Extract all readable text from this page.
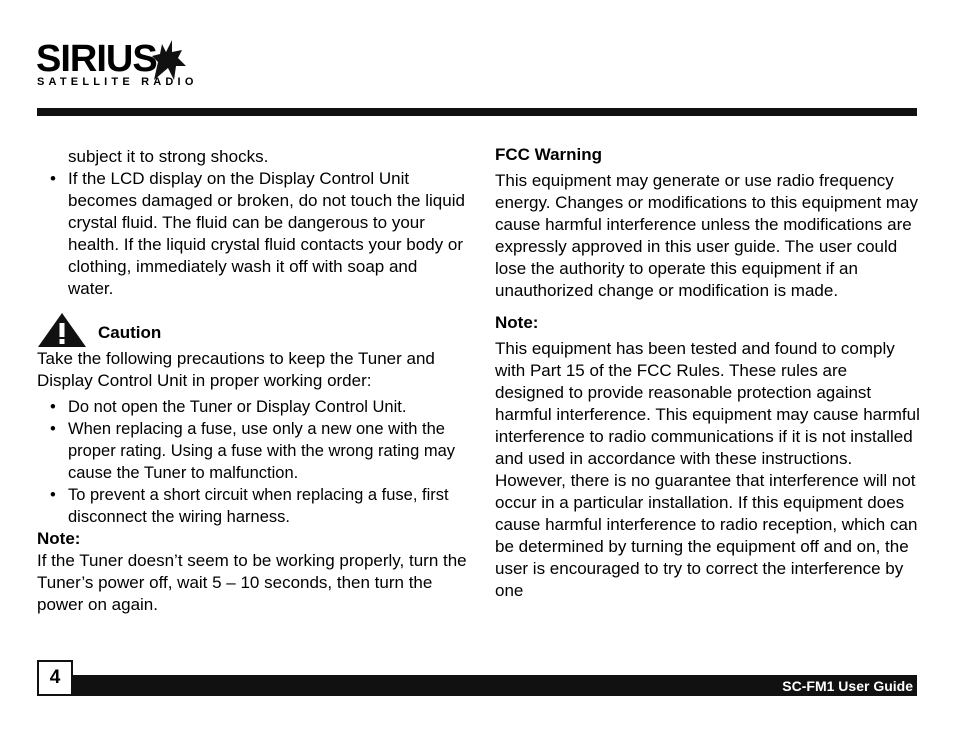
SIRIUS
SATELLITE RADIO

subject it to strong shocks.

• If the LCD display on the Display Control Unit becomes damaged or broken, do not touch the liquid crystal fluid. The fluid can be dangerous to your health. If the liquid crystal fluid contacts your body or clothing, immediately wash it off with soap and water.
Caution

Take the following precautions to keep the Tuner and Display Control Unit in proper working order:

• Do not open the Tuner or Display Control Unit.
• When replacing a fuse, use only a new one with the proper rating. Using a fuse with the wrong rating may cause the Tuner to malfunction.
• To prevent a short circuit when replacing a fuse, first disconnect the wiring harness.

Note:

If the Tuner doesn’t seem to be working properly, turn the Tuner’s power off, wait 5 – 10 seconds, then turn the power on again.

FCC Warning

This equipment may generate or use radio frequency energy. Changes or modifications to this equipment may cause harmful interference unless the modifications are expressly approved in this user guide. The user could lose the authority to operate this equipment if an unauthorized change or modification is made.

Note:

This equipment has been tested and found to comply with Part 15 of the FCC Rules. These rules are designed to provide reasonable protection against harmful interference. This equipment may cause harmful interference to radio communications if it is not installed and used in accordance with these instructions. However, there is no guarantee that interference will not occur in a particular installation. If this equipment does cause harmful interference to radio reception, which can be determined by turning the equipment off and on, the user is encouraged to try to correct the interference by one

4	SC-FM1 User Guide
